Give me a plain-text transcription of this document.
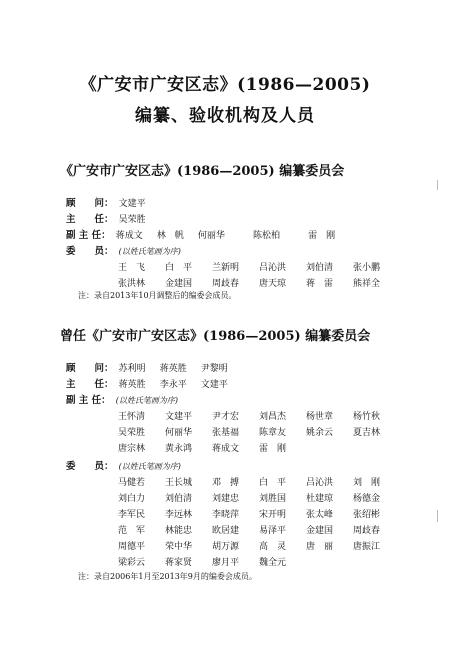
《广安市广安区志》(1986—2005)
编纂、验收机构及人员
《广安市广安区志》(1986—2005) 编纂委员会
顾　　问： 文建平
主　　任： 吴荣胜
副 主 任： 蒋成文 林　帆 何丽华	陈松柏	雷　刚
委　　员： (以姓氏笔画为序)
王　飞 白　平 兰新明 吕沁洪 刘伯清 张小鹏
张洪林 金建国 周歧春 唐天琼 蒋　雷 熊祥全
注：录自2013年10月调整后的编委会成员。
曾任《广安市广安区志》(1986—2005) 编纂委员会
顾　　问： 苏利明 蒋英胜 尹黎明
主　　任： 蒋英胜 李永平 文建平
副 主 任： (以姓氏笔画为序)
王怀清 文建平 尹才宏 刘昌杰 杨世章 杨竹秋
吴荣胜 何丽华 张基福 陈章友 姚余云 夏吉林
唐宗林 黄永鸿 蒋成文 雷　刚
委　　员： (以姓氏笔画为序)
马健若 王长城 邓　搏 白　平 吕沁洪 刘　刚
刘白力 刘伯清 刘建忠 刘胜国 杜建琼 杨德金
李军民 李远林 李晓萍 宋开明 张太峰 张绍彬
范　军 林能忠 欧居建 易泽平 金建国 周歧春
周德平 荣中华 胡万源 高　灵 唐　丽 唐振江
梁彩云 蒋家贤 廖月平 魏全元
注：录自2006年1月至2013年9月的编委会成员。
